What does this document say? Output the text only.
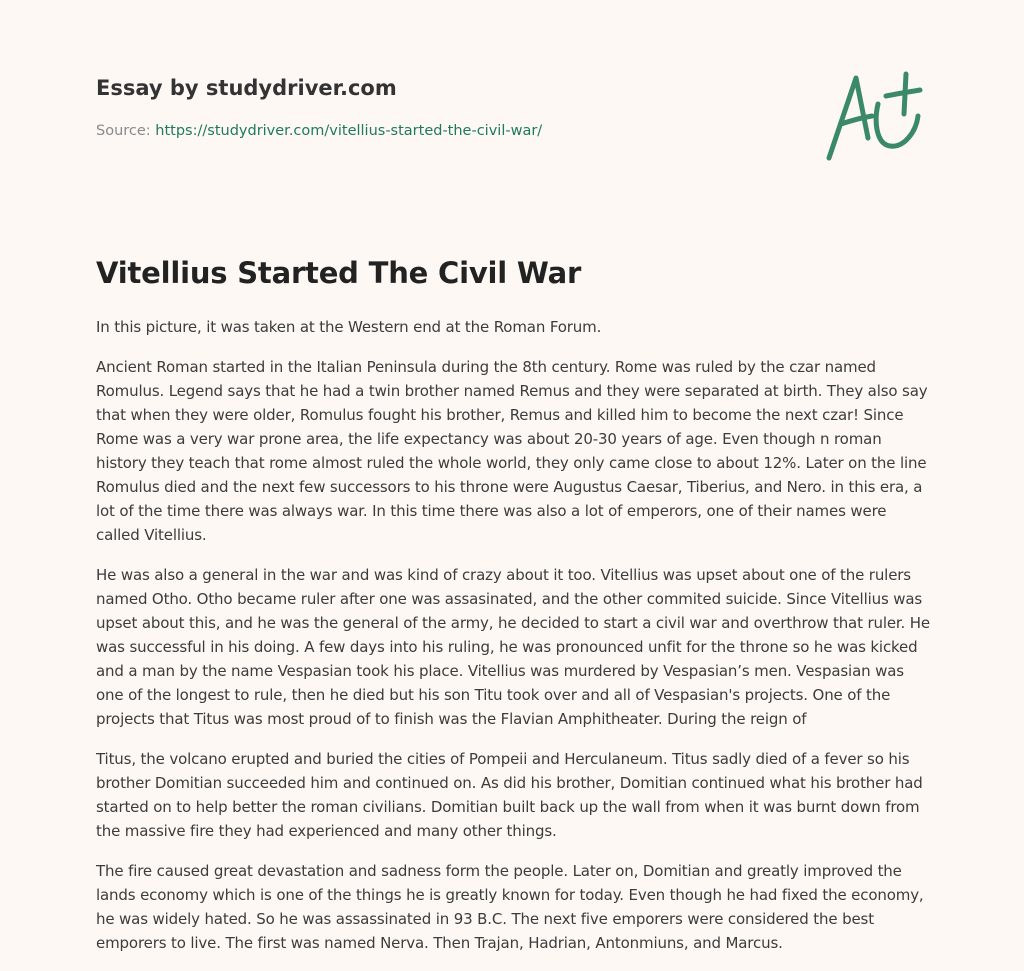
Essay by studydriver.com
Source: https://studydriver.com/vitellius-started-the-civil-war/
Vitellius Started The Civil War

In this picture, it was taken at the Western end at the Roman Forum.

Ancient Roman started in the Italian Peninsula during the 8th century. Rome was ruled by the czar named Romulus. Legend says that he had a twin brother named Remus and they were separated at birth. They also say that when they were older, Romulus fought his brother, Remus and killed him to become the next czar! Since Rome was a very war prone area, the life expectancy was about 20-30 years of age. Even though n roman history they teach that rome almost ruled the whole world, they only came close to about 12%. Later on the line Romulus died and the next few successors to his throne were Augustus Caesar, Tiberius, and Nero. in this era, a lot of the time there was always war. In this time there was also a lot of emperors, one of their names were called Vitellius.

He was also a general in the war and was kind of crazy about it too. Vitellius was upset about one of the rulers named Otho. Otho became ruler after one was assasinated, and the other commited suicide. Since Vitellius was upset about this, and he was the general of the army, he decided to start a civil war and overthrow that ruler. He was successful in his doing. A few days into his ruling, he was pronounced unfit for the throne so he was kicked and a man by the name Vespasian took his place. Vitellius was murdered by Vespasian’s men. Vespasian was one of the longest to rule, then he died but his son Titu took over and all of Vespasian's projects. One of the projects that Titus was most proud of to finish was the Flavian Amphitheater. During the reign of

Titus, the volcano erupted and buried the cities of Pompeii and Herculaneum. Titus sadly died of a fever so his brother Domitian succeeded him and continued on. As did his brother, Domitian continued what his brother had started on to help better the roman civilians. Domitian built back up the wall from when it was burnt down from the massive fire they had experienced and many other things.

The fire caused great devastation and sadness form the people. Later on, Domitian and greatly improved the lands economy which is one of the things he is greatly known for today. Even though he had fixed the economy, he was widely hated. So he was assassinated in 93 B.C. The next five emporers were considered the best emporers to live. The first was named Nerva. Then Trajan, Hadrian, Antonmiuns, and Marcus.
